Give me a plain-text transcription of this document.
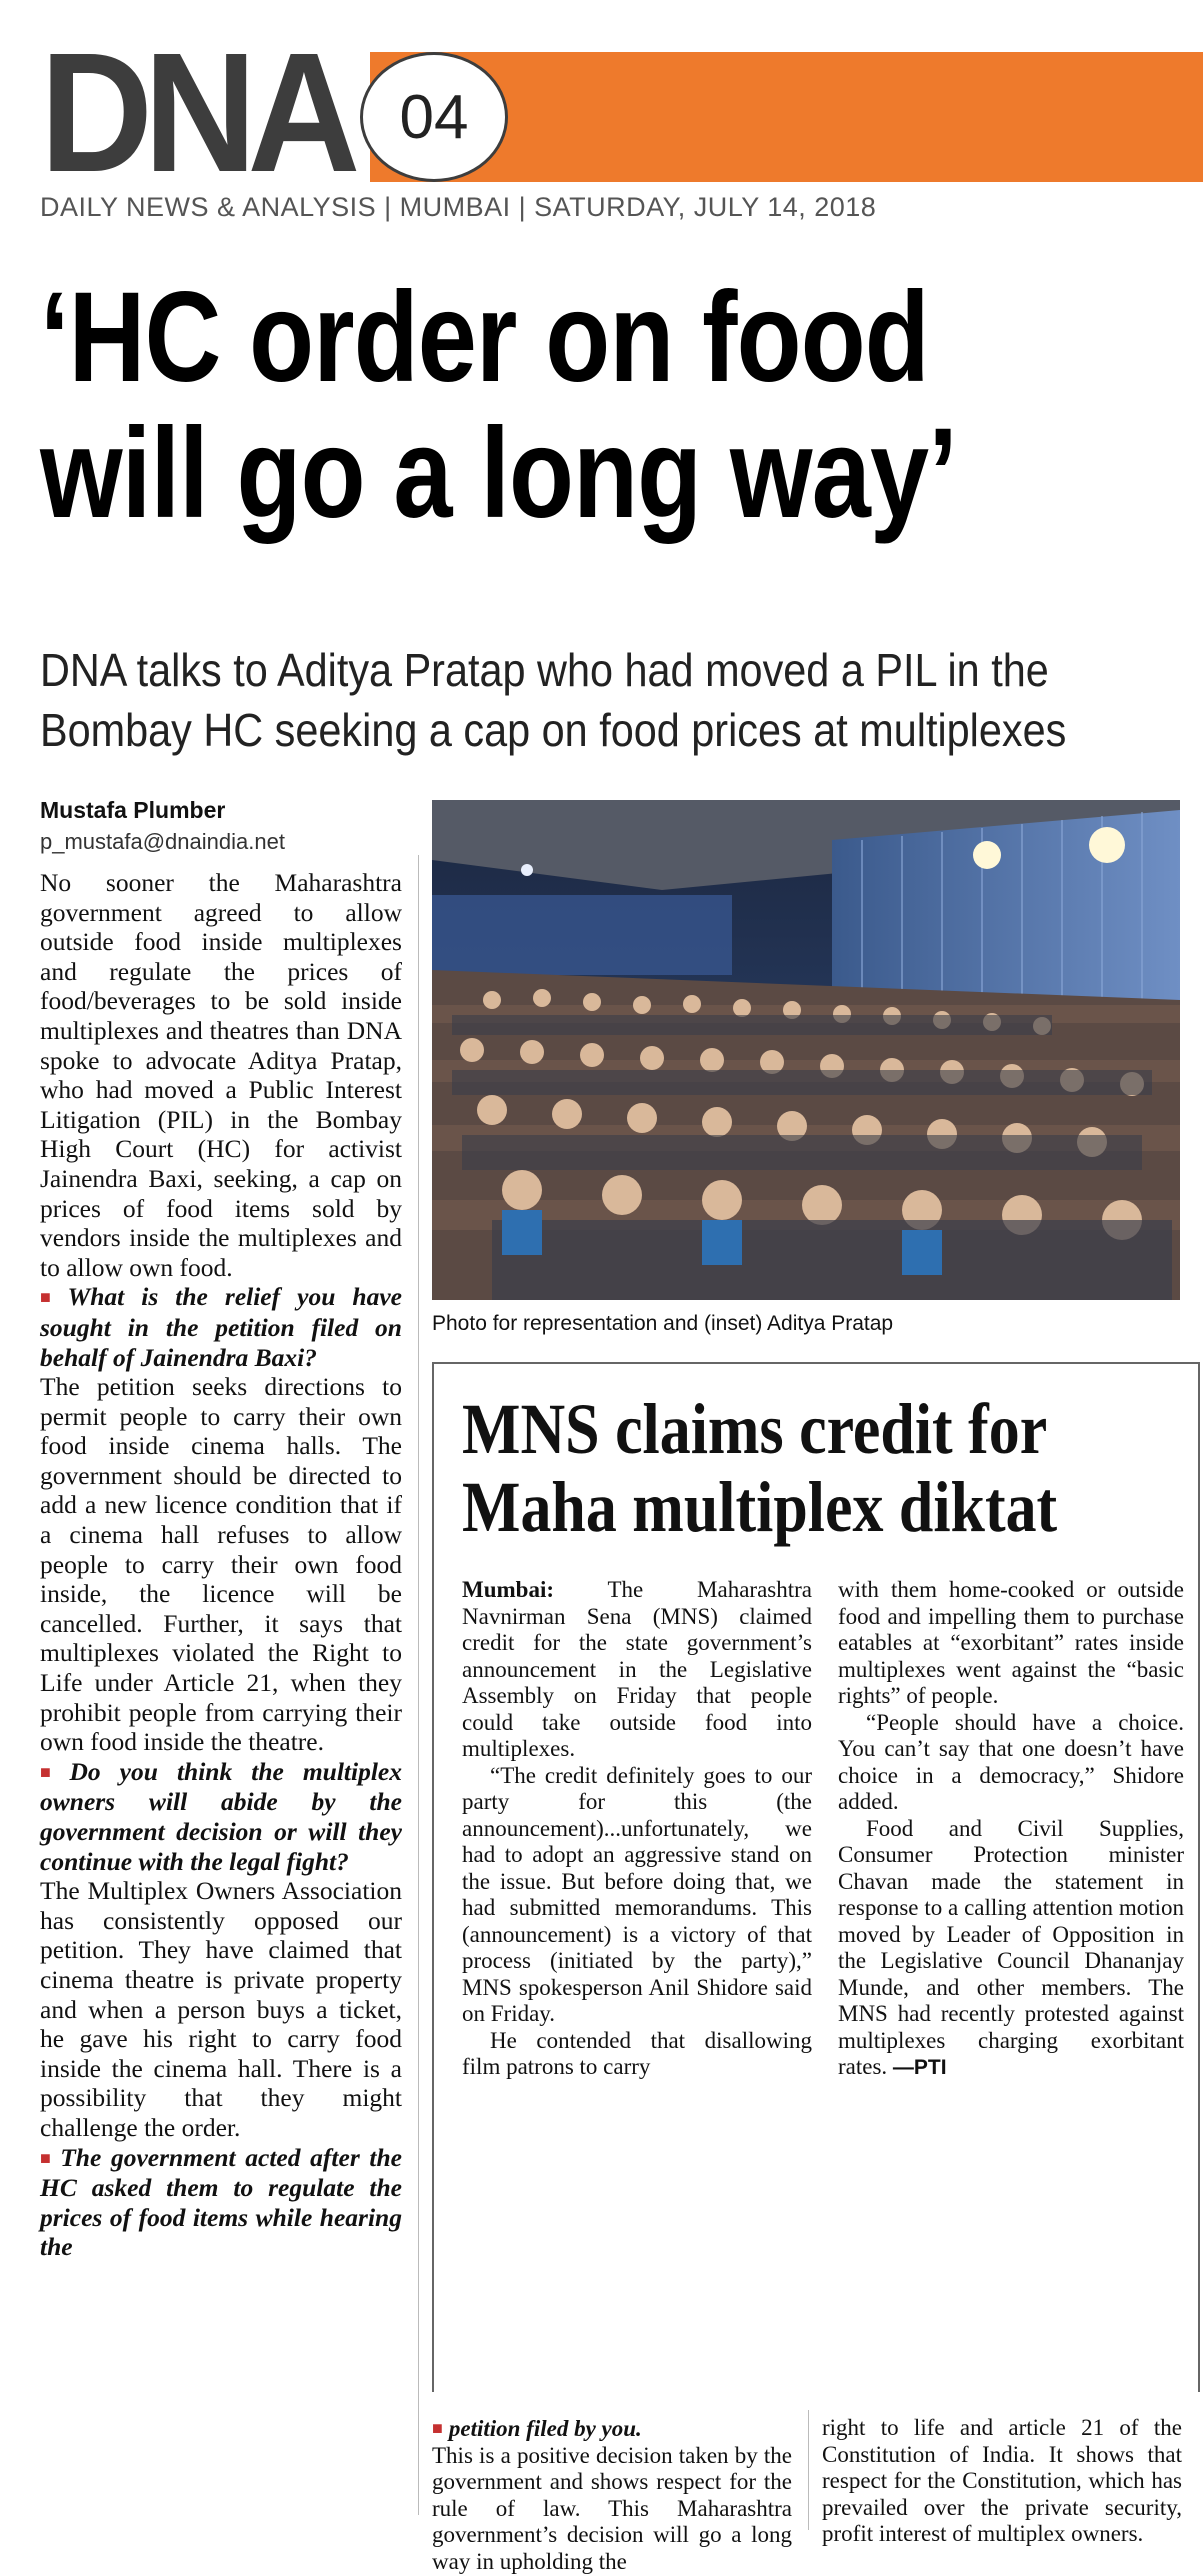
DNA 04
DAILY NEWS & ANALYSIS | MUMBAI | SATURDAY, JULY 14, 2018
‘HC order on food
will go a long way’
DNA talks to Aditya Pratap who had moved a PIL in the
Bombay HC seeking a cap on food prices at multiplexes
Mustafa Plumber
p_mustafa@dnaindia.net
Photo for representation and (inset) Aditya Pratap

No sooner the Maharashtra government agreed to allow outside food inside multiplexes and regulate the prices of food/beverages to be sold inside multiplexes and theatres than DNA spoke to advocate Aditya Pratap, who had moved a Public Interest Litigation (PIL) in the Bombay High Court (HC) for activist Jainendra Baxi, seeking, a cap on prices of food items sold by vendors inside the multiplexes and to allow own food.

■ What is the relief you have sought in the petition filed on behalf of Jainendra Baxi?

The petition seeks directions to permit people to carry their own food inside cinema halls. The government should be directed to add a new licence condition that if a cinema hall refuses to allow people to carry their own food inside, the licence will be cancelled. Further, it says that multiplexes violated the Right to Life under Article 21, when they prohibit people from carrying their own food inside the theatre.

■ Do you think the multiplex owners will abide by the government decision or will they continue with the legal fight?

The Multiplex Owners Association has consistently opposed our petition. They have claimed that cinema theatre is private property and when a person buys a ticket, he gave his right to carry food inside the cinema hall. There is a possibility that they might challenge the order.

■ The government acted after the HC asked them to regulate the prices of food items while hearing the

MNS claims credit for
Maha multiplex diktat

Mumbai: The Maharashtra Navnirman Sena (MNS) claimed credit for the state government’s announcement in the Legislative Assembly on Friday that people could take outside food into multiplexes.

“The credit definitely goes to our party for this (the announcement)...unfortunately, we had to adopt an aggressive stand on the issue. But before doing that, we had submitted memorandums. This (announcement) is a victory of that process (initiated by the party),” MNS spokesperson Anil Shidore said on Friday.

He contended that disallowing film patrons to carry

with them home-cooked or outside food and impelling them to purchase eatables at “exorbitant” rates inside multiplexes went against the “basic rights” of people.

“People should have a choice. You can’t say that one doesn’t have choice in a democracy,” Shidore added.

Food and Civil Supplies, Consumer Protection minister Chavan made the statement in response to a calling attention motion moved by Leader of Opposition in the Legislative Council Dhananjay Munde, and other members. The MNS had recently protested against multiplexes charging exorbitant rates. —PTI

■ petition filed by you.

This is a positive decision taken by the government and shows respect for the rule of law. This Maharashtra government’s decision will go a long way in upholding the

right to life and article 21 of the Constitution of India. It shows that respect for the Constitution, which has prevailed over the private security, profit interest of multiplex owners.
